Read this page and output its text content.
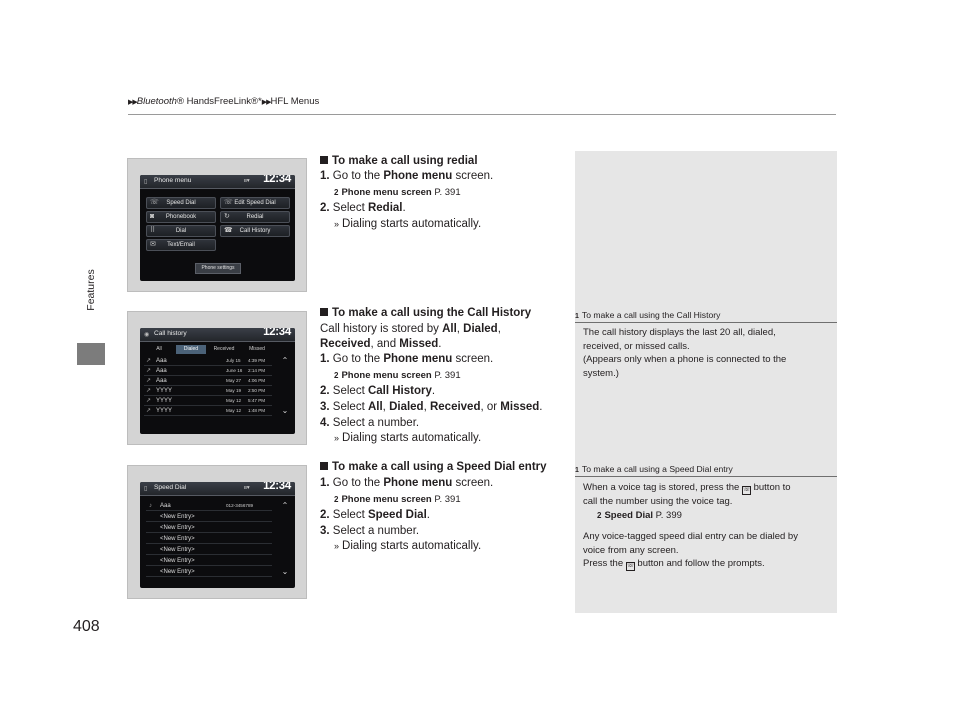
▶▶Bluetooth® HandsFreeLink®*▶▶HFL Menus
Features
408
▯ Phone menu	ʙ▾ 12:34
☏ Speed Dial	☏ Edit Speed Dial
◙ Phonebook	↻	Redial
⠿	Dial	☎ Call History
✉ Text/Email
Phone settings
◉ Call history	12:34
All	Dialed	Received	Missed
↗ Aaa	July 15 4:39 PM
↗ Aaa	June 16 2:14 PM
↗ Aaa	May 27 4:06 PM
↗ YYYY	May 19 2:50 PM
↗ YYYY	May 12 5:47 PM
↗ YYYY	May 12 1:48 PM
⌃
⌄
▯ Speed Dial	ʙ▾ 12:34
♪ Aaa	012-3456789
<New Entry>
<New Entry>
<New Entry>
<New Entry>
<New Entry>
<New Entry>
⌃
⌄
To make a call using redial
1. Go to the Phone menu screen.
2 Phone menu screen P. 391
2. Select Redial.
» Dialing starts automatically.
To make a call using the Call History
Call history is stored by All, Dialed,
Received, and Missed.
1. Go to the Phone menu screen.
2 Phone menu screen P. 391
2. Select Call History.
3. Select All, Dialed, Received, or Missed.
4. Select a number.
» Dialing starts automatically.
To make a call using a Speed Dial entry
1. Go to the Phone menu screen.
2 Phone menu screen P. 391
2. Select Speed Dial.
3. Select a number.
» Dialing starts automatically.
1 To make a call using the Call History
The call history displays the last 20 all, dialed,
received, or missed calls.
(Appears only when a phone is connected to the
system.)
1 To make a call using a Speed Dial entry
When a voice tag is stored, press the ☏ button to
call the number using the voice tag.
2 Speed Dial P. 399
Any voice-tagged speed dial entry can be dialed by
voice from any screen.
Press the ☏ button and follow the prompts.
